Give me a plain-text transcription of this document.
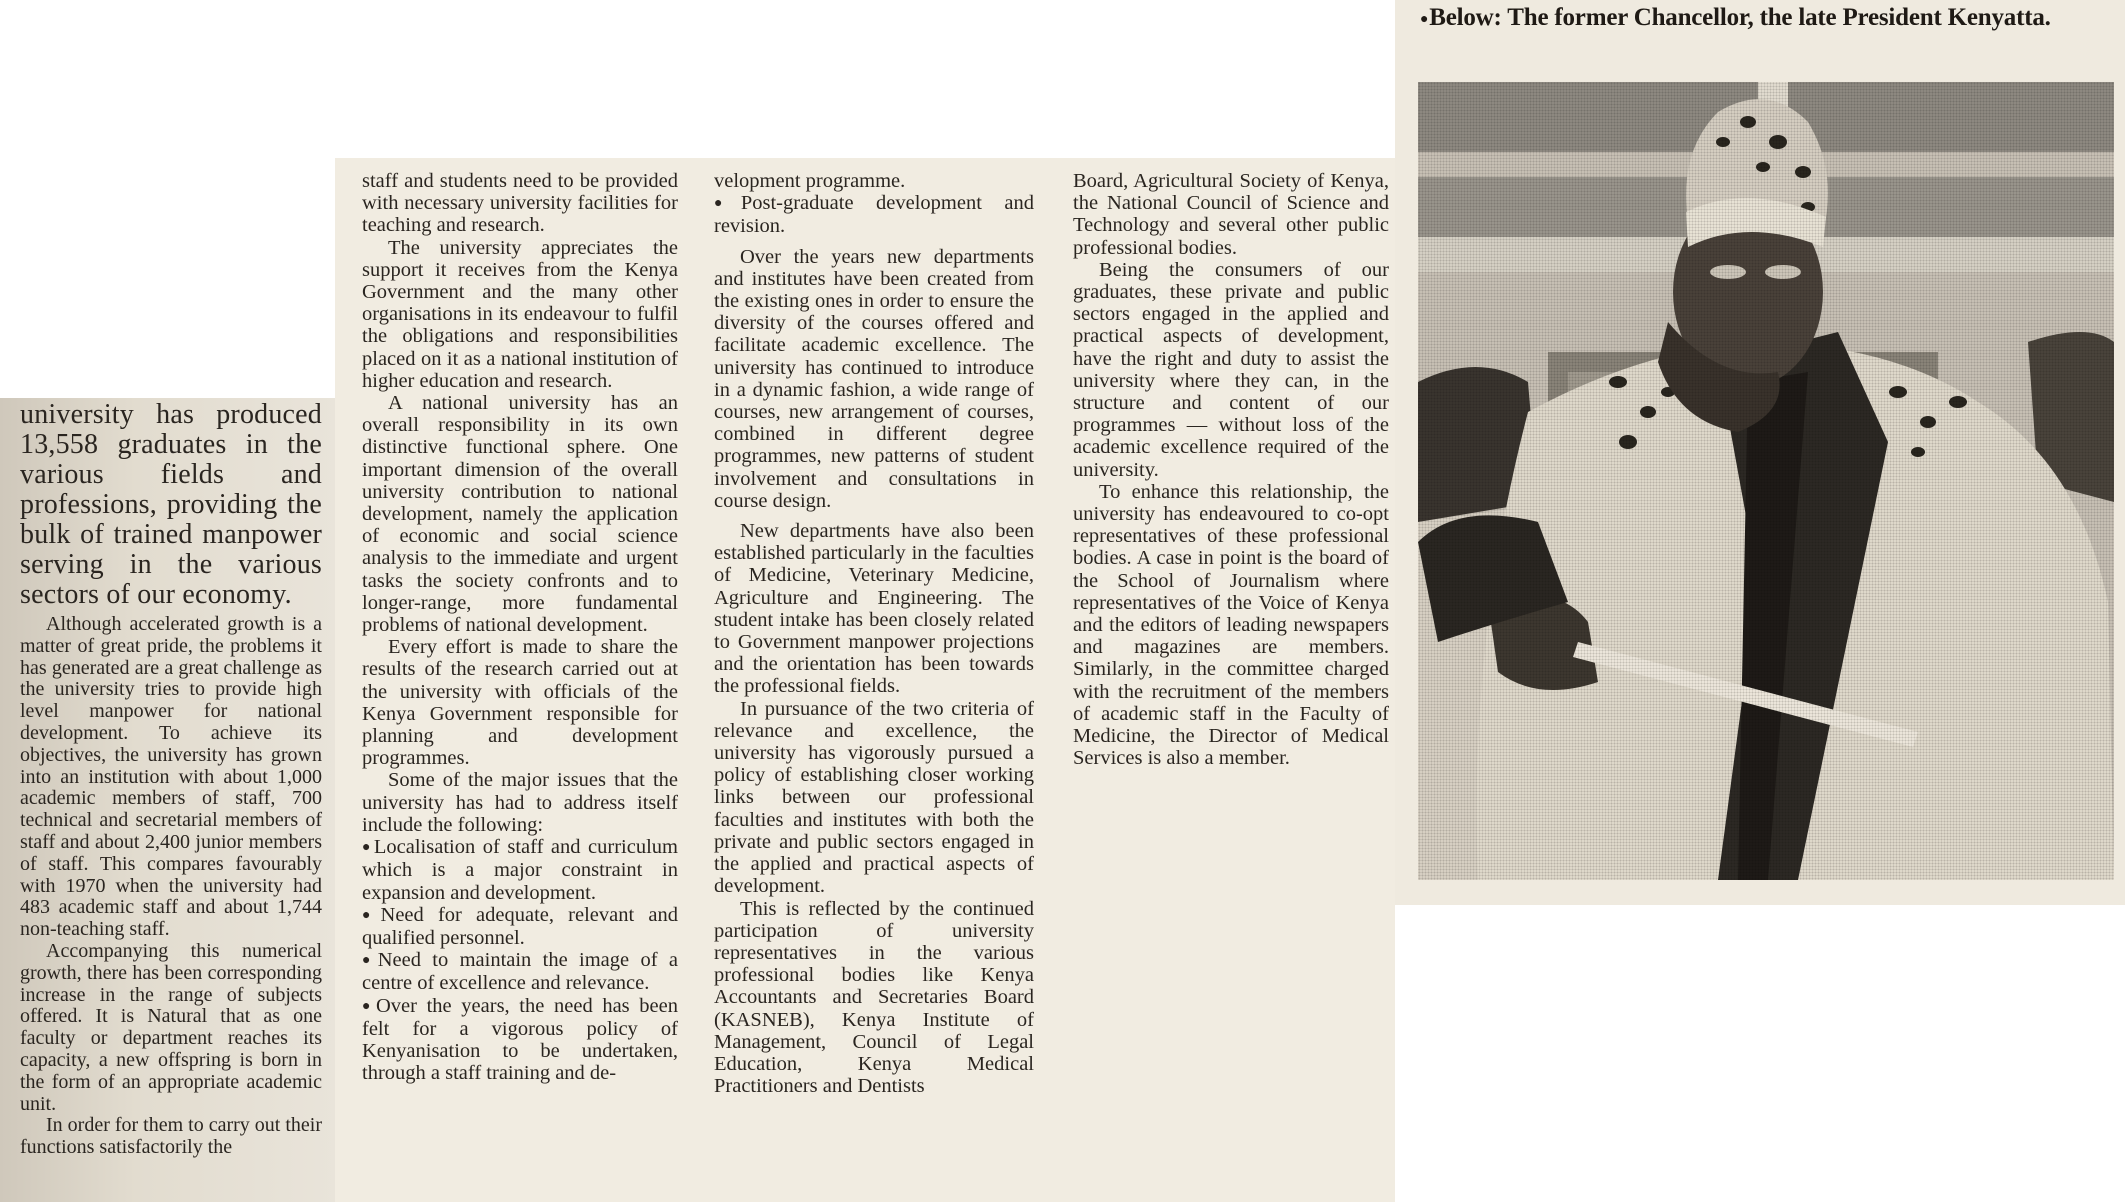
university has produced 13,558 graduates in the various fields and professions, providing the bulk of trained manpower serving in the various sectors of our economy.

Although accelerated growth is a matter of great pride, the problems it has generated are a great challenge as the university tries to provide high level manpower for national development. To achieve its objectives, the university has grown into an institution with about 1,000 academic members of staff, 700 technical and secretarial members of staff and about 2,400 junior members of staff. This compares favourably with 1970 when the university had 483 academic staff and about 1,744 non-teaching staff.

Accompanying this numerical growth, there has been corresponding increase in the range of subjects offered. It is Natural that as one faculty or department reaches its capacity, a new offspring is born in the form of an appropriate academic unit.

In order for them to carry out their functions satisfactorily the

staff and students need to be provided with necessary university facilities for teaching and research.

The university appreciates the support it receives from the Kenya Government and the many other organisations in its endeavour to fulfil the obligations and responsibilities placed on it as a national institution of higher education and research.

A national university has an overall responsibility in its own distinctive functional sphere. One important dimension of the overall university contribution to national development, namely the application of economic and social science analysis to the immediate and urgent tasks the society confronts and to longer-range, more fundamental problems of national development.

Every effort is made to share the results of the research carried out at the university with officials of the Kenya Government responsible for planning and development programmes.

Some of the major issues that the university has had to address itself include the following:

● Localisation of staff and curriculum which is a major constraint in expansion and development.

● Need for adequate, relevant and qualified personnel.

● Need to maintain the image of a centre of excellence and relevance.

● Over the years, the need has been felt for a vigorous policy of Kenyanisation to be undertaken, through a staff training and de-

velopment programme.

● Post-graduate development and revision.

Over the years new departments and institutes have been created from the existing ones in order to ensure the diversity of the courses offered and facilitate academic excellence. The university has continued to introduce in a dynamic fashion, a wide range of courses, new arrangement of courses, combined in different degree programmes, new patterns of student involvement and consultations in course design.

New departments have also been established particularly in the faculties of Medicine, Veterinary Medicine, Agriculture and Engineering. The student intake has been closely related to Government manpower projections and the orientation has been towards the professional fields.

In pursuance of the two criteria of relevance and excellence, the university has vigorously pursued a policy of establishing closer working links between our professional faculties and institutes with both the private and public sectors engaged in the applied and practical aspects of development.

This is reflected by the continued participation of university representatives in the various professional bodies like Kenya Accountants and Secretaries Board (KASNEB), Kenya Institute of Management, Council of Legal Education, Kenya Medical Practitioners and Dentists

Board, Agricultural Society of Kenya, the National Council of Science and Technology and several other public professional bodies.

Being the consumers of our graduates, these private and public sectors engaged in the applied and practical aspects of development, have the right and duty to assist the university where they can, in the structure and content of our programmes — without loss of the academic excellence required of the university.

To enhance this relationship, the university has endeavoured to co-opt representatives of these professional bodies. A case in point is the board of the School of Journalism where representatives of the Voice of Kenya and the editors of leading newspapers and magazines are members. Similarly, in the committee charged with the recruitment of the members of academic staff in the Faculty of Medicine, the Director of Medical Services is also a member.

● Below: The former Chancellor, the late President Kenyatta.
